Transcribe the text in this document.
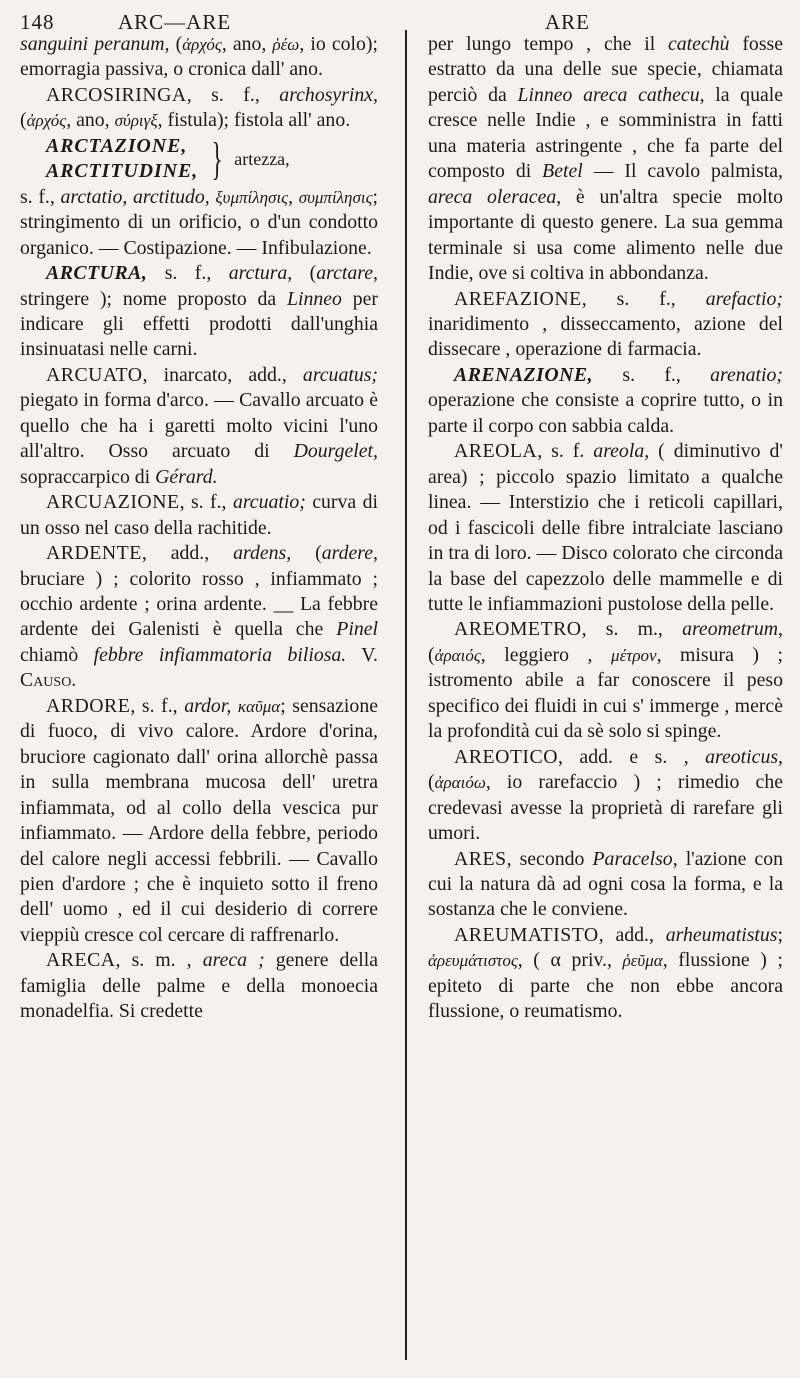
148	ARC—ARE	ARE

sanguini peranum, (ἀρχός, ano, ῥέω, io colo); emorragia passiva, o cronica dall' ano.

ARCOSIRINGA, s. f., archosyrinx, (ἀρχός, ano, σύριγξ, fistula); fistola all' ano.

ARCTAZIONE,
ARCTITUDINE, } artezza,

s. f., arctatio, arctitudo, ξυμπίλησις, συμπίλησις; stringimento di un orificio, o d'un condotto organico. — Costipazione. — Infibulazione.

ARCTURA, s. f., arctura, (arctare, stringere ); nome proposto da Linneo per indicare gli effetti prodotti dall'unghia insinuatasi nelle carni.

ARCUATO, inarcato, add., arcuatus; piegato in forma d'arco. — Cavallo arcuato è quello che ha i garetti molto vicini l'uno all'altro. Osso arcuato di Dourgelet, sopraccarpico di Gérard.

ARCUAZIONE, s. f., arcuatio; curva di un osso nel caso della rachitide.

ARDENTE, add., ardens, (ardere, bruciare ) ; colorito rosso , infiammato ; occhio ardente ; orina ardente. __ La febbre ardente dei Galenisti è quella che Pinel chiamò febbre infiammatoria biliosa. V. Causo.

ARDORE, s. f., ardor, καῦμα; sensazione di fuoco, di vivo calore. Ardore d'orina, bruciore cagionato dall' orina allorchè passa in sulla membrana mucosa dell' uretra infiammata, od al collo della vescica pur infiammato. — Ardore della febbre, periodo del calore negli accessi febbrili. — Cavallo pien d'ardore ; che è inquieto sotto il freno dell' uomo , ed il cui desiderio di correre vieppiù cresce col cercare di raffrenarlo.

ARECA, s. m. , areca ; genere della famiglia delle palme e della monoecia monadelfia. Si credette

per lungo tempo , che il catechù fosse estratto da una delle sue specie, chiamata perciò da Linneo areca cathecu, la quale cresce nelle Indie , e somministra in fatti una materia astringente , che fa parte del composto di Betel — Il cavolo palmista, areca oleracea, è un'altra specie molto importante di questo genere. La sua gemma terminale si usa come alimento nelle due Indie, ove si coltiva in abbondanza.

AREFAZIONE, s. f., arefactio; inaridimento , disseccamento, azione del dissecare , operazione di farmacia.

ARENAZIONE, s. f., arenatio; operazione che consiste a coprire tutto, o in parte il corpo con sabbia calda.

AREOLA, s. f. areola, ( diminutivo d' area) ; piccolo spazio limitato a qualche linea. — Interstizio che i reticoli capillari, od i fascicoli delle fibre intralciate lasciano in tra di loro. — Disco colorato che circonda la base del capezzolo delle mammelle e di tutte le infiammazioni pustolose della pelle.

AREOMETRO, s. m., areometrum, (ἀραιός, leggiero , μέτρον, misura ) ; istromento abile a far conoscere il peso specifico dei fluidi in cui s' immerge , mercè la profondità cui da sè solo si spinge.

AREOTICO, add. e s. , areoticus, (ἀραιόω, io rarefaccio ) ; rimedio che credevasi avesse la proprietà di rarefare gli umori.

ARES, secondo Paracelso, l'azione con cui la natura dà ad ogni cosa la forma, e la sostanza che le conviene.

AREUMATISTO, add., arheumatistus; ἀρευμάτιστος, ( α priv., ῥεῦμα, flussione ) ; epiteto di parte che non ebbe ancora flussione, o reumatismo.
